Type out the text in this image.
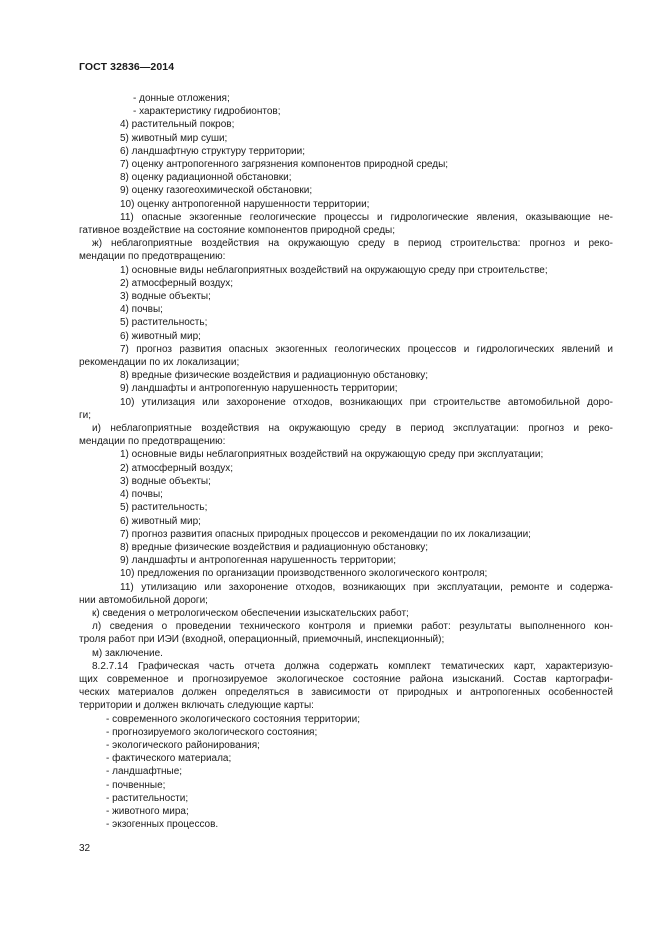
ГОСТ 32836—2014
- донные отложения;
- характеристику гидробионтов;
4) растительный покров;
5) животный мир суши;
6) ландшафтную структуру территории;
7) оценку антропогенного загрязнения компонентов природной среды;
8) оценку радиационной обстановки;
9) оценку газогеохимической обстановки;
10) оценку антропогенной нарушенности территории;
11) опасные экзогенные геологические процессы и гидрологические явления, оказывающие не-
гативное воздействие на состояние компонентов природной среды;
ж) неблагоприятные воздействия на окружающую среду в период строительства: прогноз и реко-
мендации по предотвращению:
1) основные виды неблагоприятных воздействий на окружающую среду при строительстве;
2) атмосферный воздух;
3) водные объекты;
4) почвы;
5) растительность;
6) животный мир;
7) прогноз развития опасных экзогенных геологических процессов и гидрологических явлений и
рекомендации по их локализации;
8) вредные физические воздействия и радиационную обстановку;
9) ландшафты и антропогенную нарушенность территории;
10) утилизация или захоронение отходов, возникающих при строительстве автомобильной доро-
ги;
и) неблагоприятные воздействия на окружающую среду в период эксплуатации: прогноз и реко-
мендации по предотвращению:
1) основные виды неблагоприятных воздействий на окружающую среду при эксплуатации;
2) атмосферный воздух;
3) водные объекты;
4) почвы;
5) растительность;
6) животный мир;
7) прогноз развития опасных природных процессов и рекомендации по их локализации;
8) вредные физические воздействия и радиационную обстановку;
9) ландшафты и антропогенная нарушенность территории;
10) предложения по организации производственного экологического контроля;
11) утилизацию или захоронение отходов, возникающих при эксплуатации, ремонте и содержа-
нии автомобильной дороги;
к) сведения о метрологическом обеспечении изыскательских работ;
л) сведения о проведении технического контроля и приемки работ: результаты выполненного кон-
троля работ при ИЭИ (входной, операционный, приемочный, инспекционный);
м) заключение.
8.2.7.14 Графическая часть отчета должна содержать комплект тематических карт, характеризую-
щих современное и прогнозируемое экологическое состояние района изысканий. Состав картографи-
ческих материалов должен определяться в зависимости от природных и антропогенных особенностей
территории и должен включать следующие карты:
- современного экологического состояния территории;
- прогнозируемого экологического состояния;
- экологического районирования;
- фактического материала;
- ландшафтные;
- почвенные;
- растительности;
- животного мира;
- экзогенных процессов.
32
